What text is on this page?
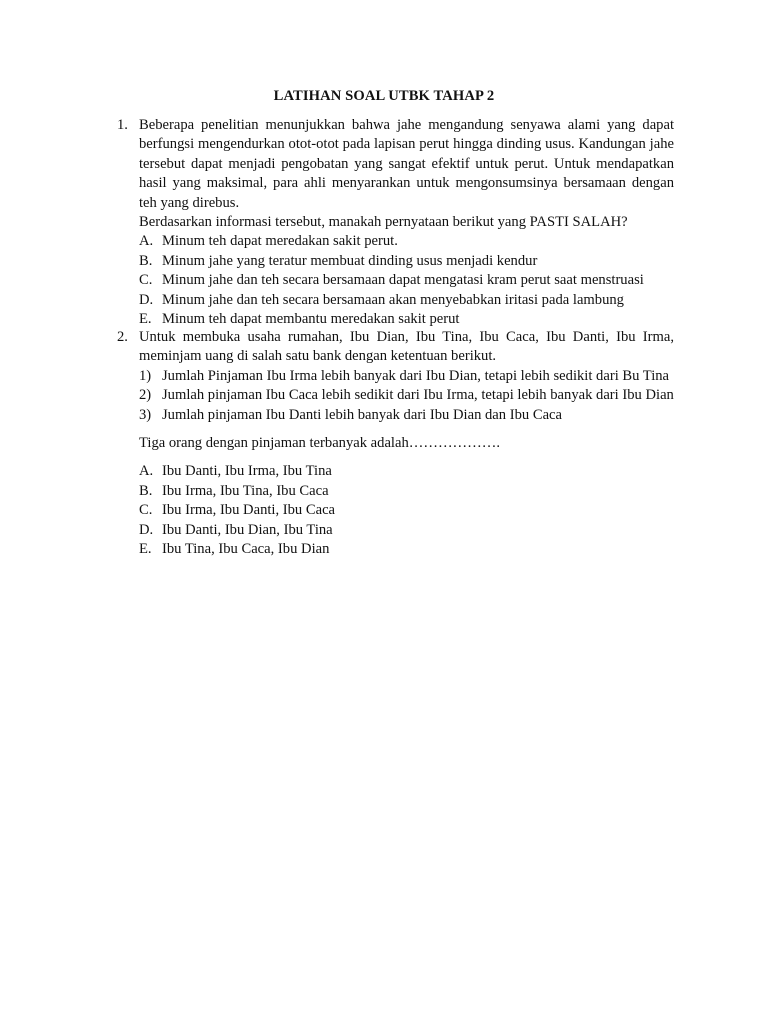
LATIHAN SOAL UTBK TAHAP 2
1. Beberapa penelitian menunjukkan bahwa jahe mengandung senyawa alami yang dapat berfungsi mengendurkan otot-otot pada lapisan perut hingga dinding usus. Kandungan jahe tersebut dapat menjadi pengobatan yang sangat efektif untuk perut. Untuk mendapatkan hasil yang maksimal, para ahli menyarankan untuk mengonsumsinya bersamaan dengan teh yang direbus.

Berdasarkan informasi tersebut, manakah pernyataan berikut yang PASTI SALAH?

A. Minum teh dapat meredakan sakit perut.
B. Minum jahe yang teratur membuat dinding usus menjadi kendur
C. Minum jahe dan teh secara bersamaan dapat mengatasi kram perut saat menstruasi
D. Minum jahe dan teh secara bersamaan akan menyebabkan iritasi pada lambung
E. Minum teh dapat membantu meredakan sakit perut
2. Untuk membuka usaha rumahan, Ibu Dian, Ibu Tina, Ibu Caca, Ibu Danti, Ibu Irma, meminjam uang di salah satu bank dengan ketentuan berikut.
1) Jumlah Pinjaman Ibu Irma lebih banyak dari Ibu Dian, tetapi lebih sedikit dari Bu Tina
2) Jumlah pinjaman Ibu Caca lebih sedikit dari Ibu Irma, tetapi lebih banyak dari Ibu Dian
3) Jumlah pinjaman Ibu Danti lebih banyak dari Ibu Dian dan Ibu Caca

Tiga orang dengan pinjaman terbanyak adalah……………….

A. Ibu Danti, Ibu Irma, Ibu Tina
B. Ibu Irma, Ibu Tina, Ibu Caca
C. Ibu Irma, Ibu Danti, Ibu Caca
D. Ibu Danti, Ibu Dian, Ibu Tina
E. Ibu Tina, Ibu Caca, Ibu Dian
